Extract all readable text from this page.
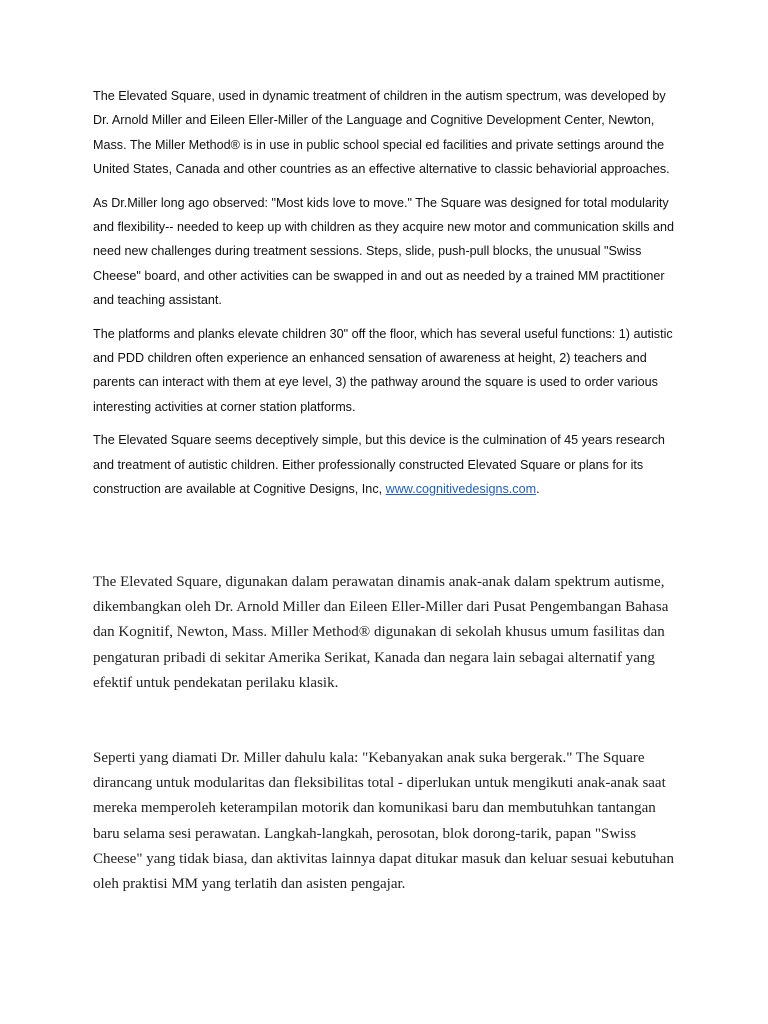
The Elevated Square, used in dynamic treatment of children in the autism spectrum, was developed by Dr. Arnold Miller and Eileen Eller-Miller of the Language and Cognitive Development Center, Newton, Mass. The Miller Method® is in use in public school special ed facilities and private settings around the United States, Canada and other countries as an effective alternative to classic behaviorial approaches.

As Dr.Miller long ago observed: "Most kids love to move." The Square was designed for total modularity and flexibility-- needed to keep up with children as they acquire new motor and communication skills and need new challenges during treatment sessions. Steps, slide, push-pull blocks, the unusual "Swiss Cheese" board, and other activities can be swapped in and out as needed by a trained MM practitioner and teaching assistant.

The platforms and planks elevate children 30" off the floor, which has several useful functions: 1) autistic and PDD children often experience an enhanced sensation of awareness at height, 2) teachers and parents can interact with them at eye level, 3) the pathway around the square is used to order various interesting activities at corner station platforms.

The Elevated Square seems deceptively simple, but this device is the culmination of 45 years research and treatment of autistic children. Either professionally constructed Elevated Square or plans for its construction are available at Cognitive Designs, Inc, www.cognitivedesigns.com.

The Elevated Square, digunakan dalam perawatan dinamis anak-anak dalam spektrum autisme, dikembangkan oleh Dr. Arnold Miller dan Eileen Eller-Miller dari Pusat Pengembangan Bahasa dan Kognitif, Newton, Mass. Miller Method® digunakan di sekolah khusus umum fasilitas dan pengaturan pribadi di sekitar Amerika Serikat, Kanada dan negara lain sebagai alternatif yang efektif untuk pendekatan perilaku klasik.

Seperti yang diamati Dr. Miller dahulu kala: "Kebanyakan anak suka bergerak." The Square dirancang untuk modularitas dan fleksibilitas total - diperlukan untuk mengikuti anak-anak saat mereka memperoleh keterampilan motorik dan komunikasi baru dan membutuhkan tantangan baru selama sesi perawatan. Langkah-langkah, perosotan, blok dorong-tarik, papan "Swiss Cheese" yang tidak biasa, dan aktivitas lainnya dapat ditukar masuk dan keluar sesuai kebutuhan oleh praktisi MM yang terlatih dan asisten pengajar.
